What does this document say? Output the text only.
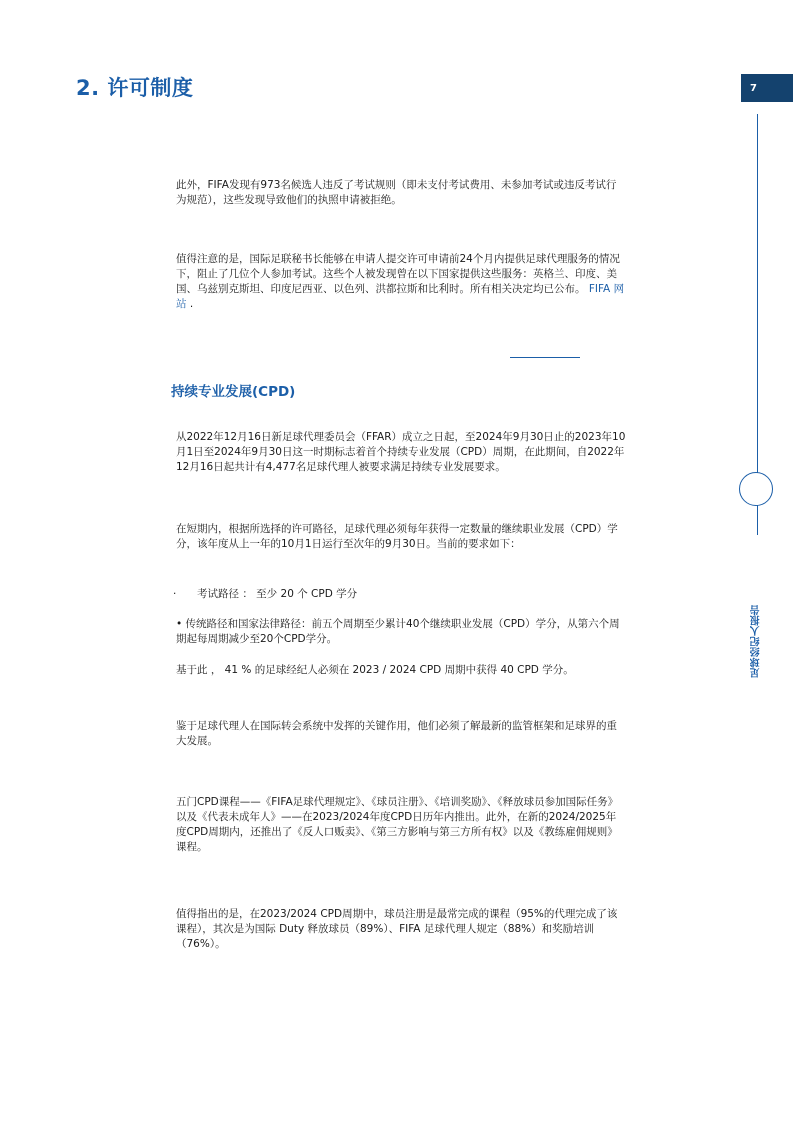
2. 许可制度	7
足球经纪人报告

此外，FIFA发现有973名候选人违反了考试规则（即未支付考试费用、未参加考试或违反考试行为规范），这些发现导致他们的执照申请被拒绝。

值得注意的是，国际足联秘书长能够在申请人提交许可申请前24个月内提供足球代理服务的情况下，阻止了几位个人参加考试。这些个人被发现曾在以下国家提供这些服务：英格兰、印度、美国、乌兹别克斯坦、印度尼西亚、以色列、洪都拉斯和比利时。所有相关决定均已公布。 FIFA 网站 .

持续专业发展(CPD)

从2022年12月16日新足球代理委员会（FFAR）成立之日起，至2024年9月30日止的2023年10月1日至2024年9月30日这一时期标志着首个持续专业发展（CPD）周期，在此期间，自2022年12月16日起共计有4,477名足球代理人被要求满足持续专业发展要求。

在短期内，根据所选择的许可路径，足球代理必须每年获得一定数量的继续职业发展（CPD）学分，该年度从上一年的10月1日运行至次年的9月30日。当前的要求如下：

· 考试路径 ： 至少 20 个 CPD 学分

• 传统路径和国家法律路径：前五个周期至少累计40个继续职业发展（CPD）学分，从第六个周期起每周期减少至20个CPD学分。

基于此 ， 41 % 的足球经纪人必须在 2023 / 2024 CPD 周期中获得 40 CPD 学分。

鉴于足球代理人在国际转会系统中发挥的关键作用，他们必须了解最新的监管框架和足球界的重大发展。

五门CPD课程——《FIFA足球代理规定》、《球员注册》、《培训奖励》、《释放球员参加国际任务》以及《代表未成年人》——在2023/2024年度CPD日历年内推出。此外，在新的2024/2025年度CPD周期内，还推出了《反人口贩卖》、《第三方影响与第三方所有权》以及《教练雇佣规则》课程。

值得指出的是，在2023/2024 CPD周期中，球员注册是最常完成的课程（95%的代理完成了该课程），其次是为国际 Duty 释放球员（89%）、FIFA 足球代理人规定（88%）和奖励培训（76%）。
